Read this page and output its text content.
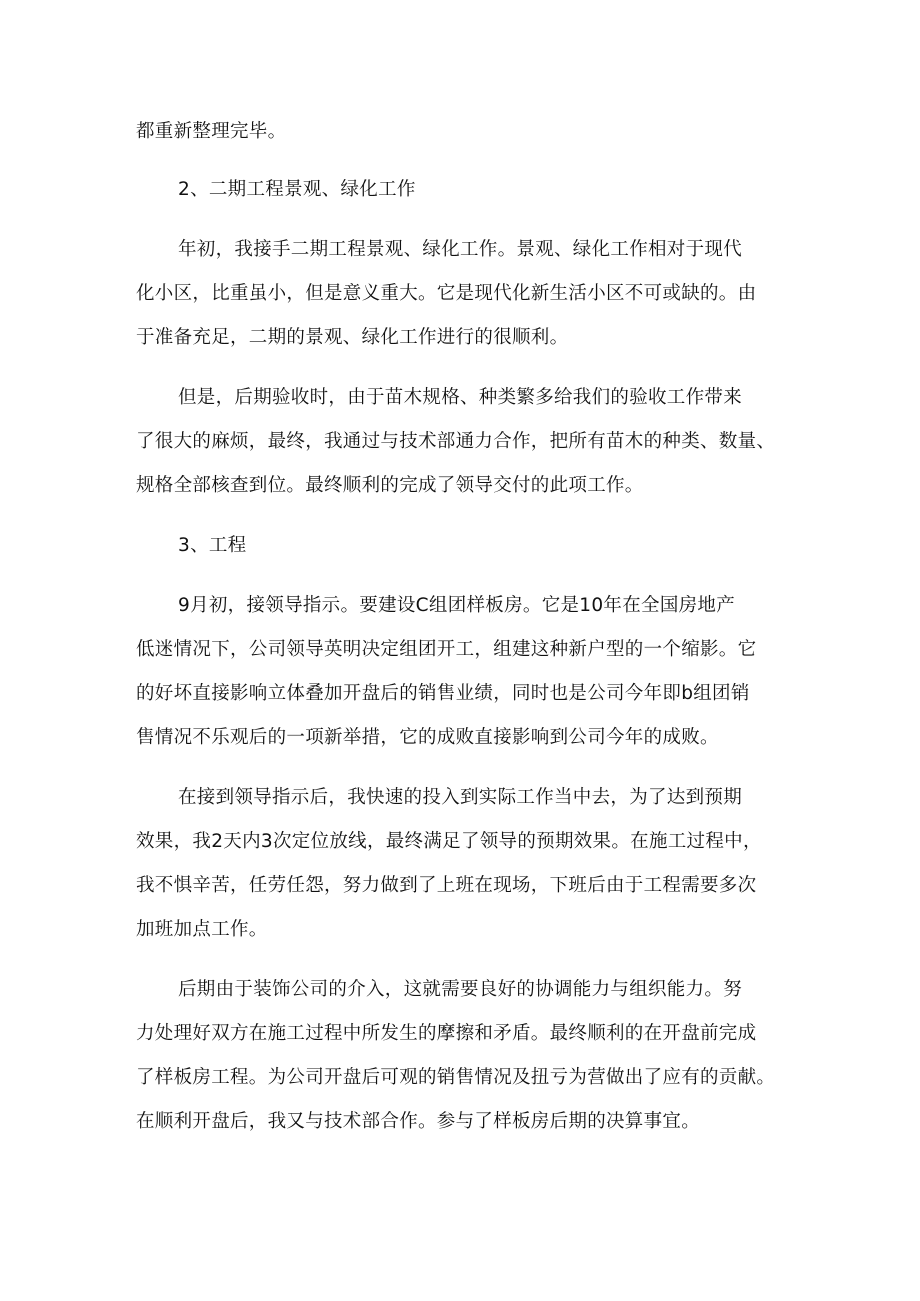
都重新整理完毕。
2、二期工程景观、绿化工作
年初，我接手二期工程景观、绿化工作。景观、绿化工作相对于现代
化小区，比重虽小，但是意义重大。它是现代化新生活小区不可或缺的。由
于准备充足，二期的景观、绿化工作进行的很顺利。
但是，后期验收时，由于苗木规格、种类繁多给我们的验收工作带来
了很大的麻烦，最终，我通过与技术部通力合作，把所有苗木的种类、数量、
规格全部核查到位。最终顺利的完成了领导交付的此项工作。
3、工程
9月初，接领导指示。要建设C组团样板房。它是10年在全国房地产
低迷情况下，公司领导英明决定组团开工，组建这种新户型的一个缩影。它
的好坏直接影响立体叠加开盘后的销售业绩，同时也是公司今年即b组团销
售情况不乐观后的一项新举措，它的成败直接影响到公司今年的成败。
在接到领导指示后，我快速的投入到实际工作当中去，为了达到预期
效果，我2天内3次定位放线，最终满足了领导的预期效果。在施工过程中，
我不惧辛苦，任劳任怨，努力做到了上班在现场，下班后由于工程需要多次
加班加点工作。
后期由于装饰公司的介入，这就需要良好的协调能力与组织能力。努
力处理好双方在施工过程中所发生的摩擦和矛盾。最终顺利的在开盘前完成
了样板房工程。为公司开盘后可观的销售情况及扭亏为营做出了应有的贡献。
在顺利开盘后，我又与技术部合作。参与了样板房后期的决算事宜。
